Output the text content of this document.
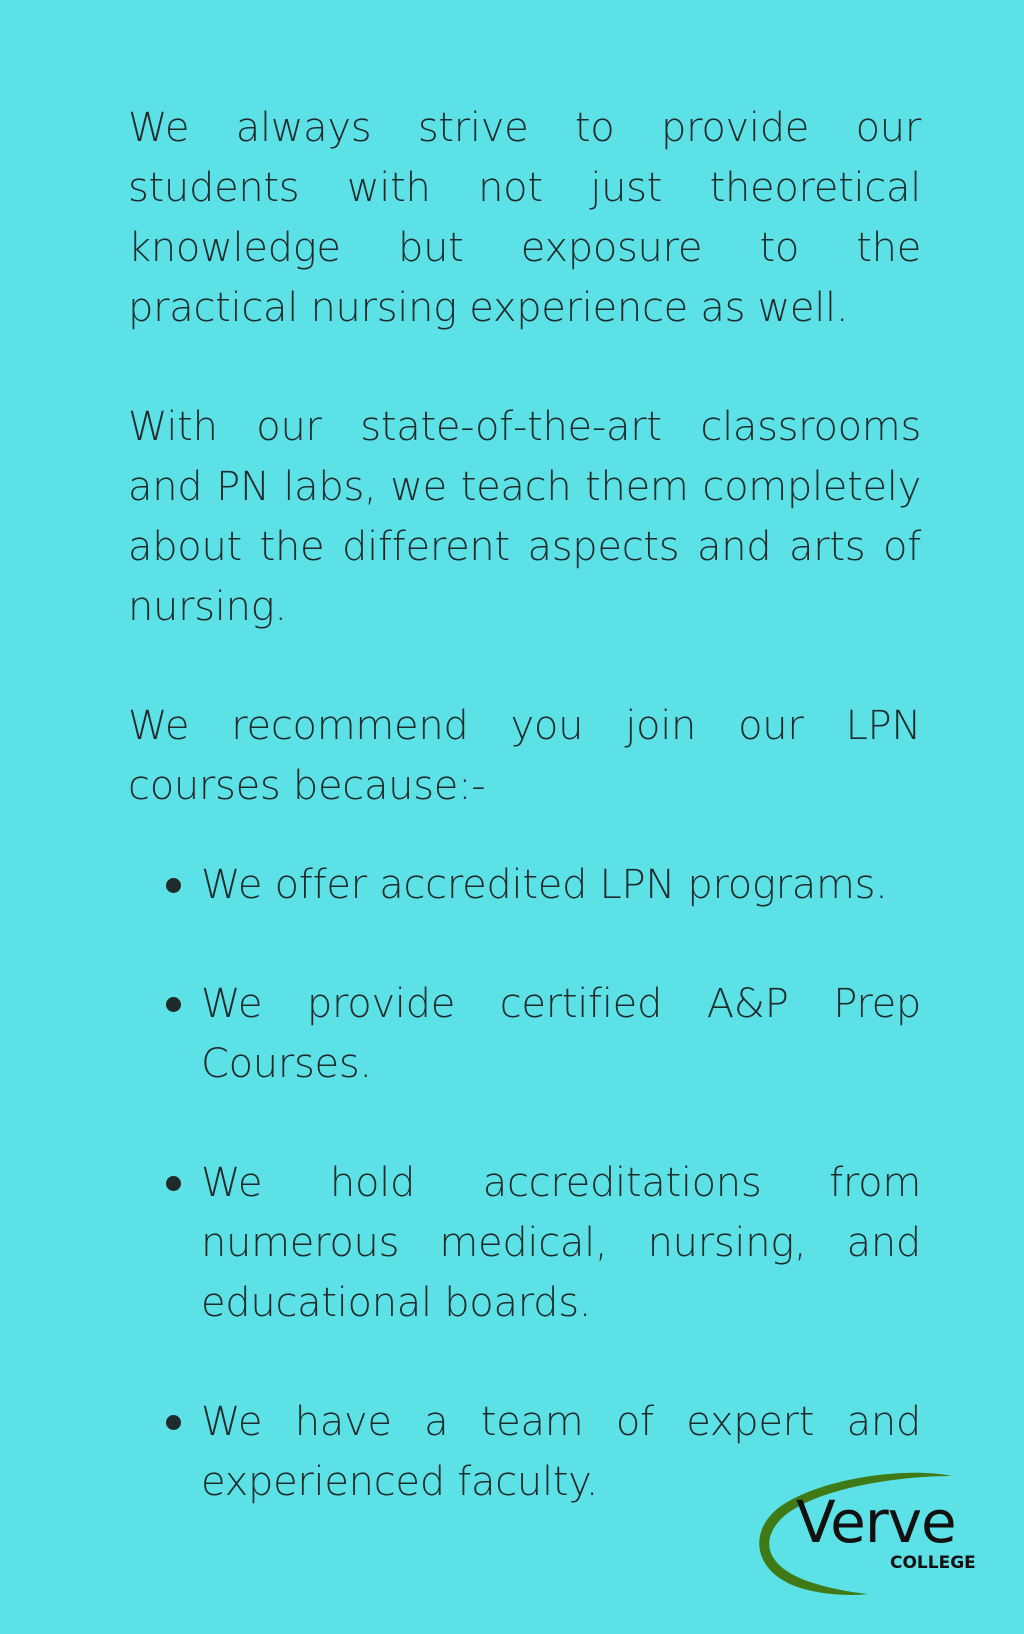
We always strive to provide our students with not just theoretical knowledge but exposure to the practical nursing experience as well.

With our state-of-the-art classrooms and PN labs, we teach them completely about the different aspects and arts of nursing.

We recommend you join our LPN courses because:-

We offer accredited LPN programs.
We provide certified A&P Prep Courses.
We hold accreditations from numerous medical, nursing, and educational boards.
We have a team of expert and experienced faculty.
Verve
COLLEGE
